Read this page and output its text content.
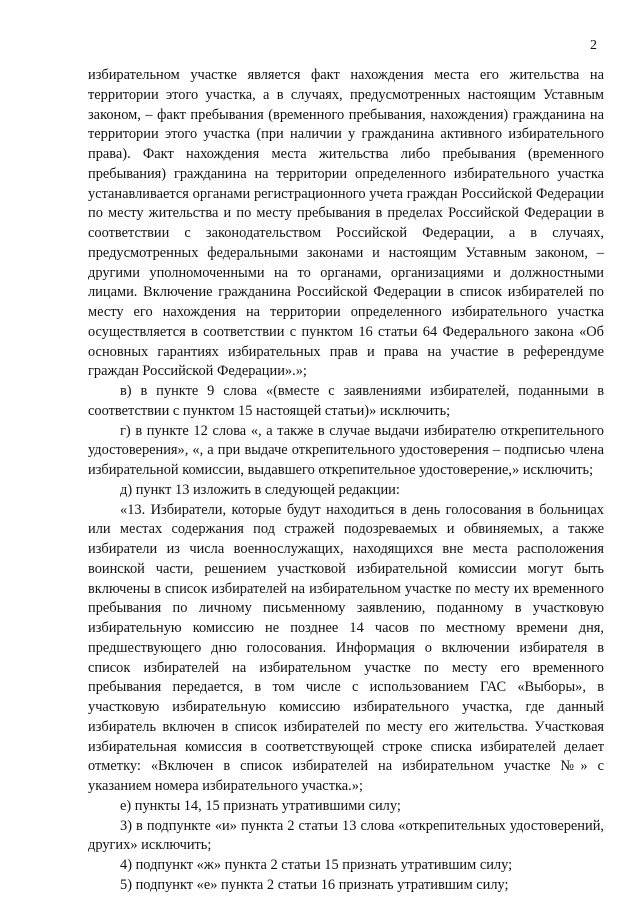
2

избирательном участке является факт нахождения места его жительства на территории этого участка, а в случаях, предусмотренных настоящим Уставным законом, – факт пребывания (временного пребывания, нахождения) гражданина на территории этого участка (при наличии у гражданина активного избирательного права). Факт нахождения места жительства либо пребывания (временного пребывания) гражданина на территории определенного избирательного участка устанавливается органами регистрационного учета граждан Российской Федерации по месту жительства и по месту пребывания в пределах Российской Федерации в соответствии с законодательством Российской Федерации, а в случаях, предусмотренных федеральными законами и настоящим Уставным законом, – другими уполномоченными на то органами, организациями и должностными лицами. Включение гражданина Российской Федерации в список избирателей по месту его нахождения на территории определенного избирательного участка осуществляется в соответствии с пунктом 16 статьи 64 Федерального закона «Об основных гарантиях избирательных прав и права на участие в референдуме граждан Российской Федерации».»;

в) в пункте 9 слова «(вместе с заявлениями избирателей, поданными в соответствии с пунктом 15 настоящей статьи)» исключить;

г) в пункте 12 слова «, а также в случае выдачи избирателю открепительного удостоверения», «, а при выдаче открепительного удостоверения – подписью члена избирательной комиссии, выдавшего открепительное удостоверение,» исключить;

д) пункт 13 изложить в следующей редакции:

«13. Избиратели, которые будут находиться в день голосования в больницах или местах содержания под стражей подозреваемых и обвиняемых, а также избиратели из числа военнослужащих, находящихся вне места расположения воинской части, решением участковой избирательной комиссии могут быть включены в список избирателей на избирательном участке по месту их временного пребывания по личному письменному заявлению, поданному в участковую избирательную комиссию не позднее 14 часов по местному времени дня, предшествующего дню голосования. Информация о включении избирателя в список избирателей на избирательном участке по месту его временного пребывания передается, в том числе с использованием ГАС «Выборы», в участковую избирательную комиссию избирательного участка, где данный избиратель включен в список избирателей по месту его жительства. Участковая избирательная комиссия в соответствующей строке списка избирателей делает отметку: «Включен в список избирателей на избирательном участке №» с указанием номера избирательного участка.»;

е) пункты 14, 15 признать утратившими силу;

3) в подпункте «и» пункта 2 статьи 13 слова «открепительных удостоверений, других» исключить;

4) подпункт «ж» пункта 2 статьи 15 признать утратившим силу;

5) подпункт «е» пункта 2 статьи 16 признать утратившим силу;
